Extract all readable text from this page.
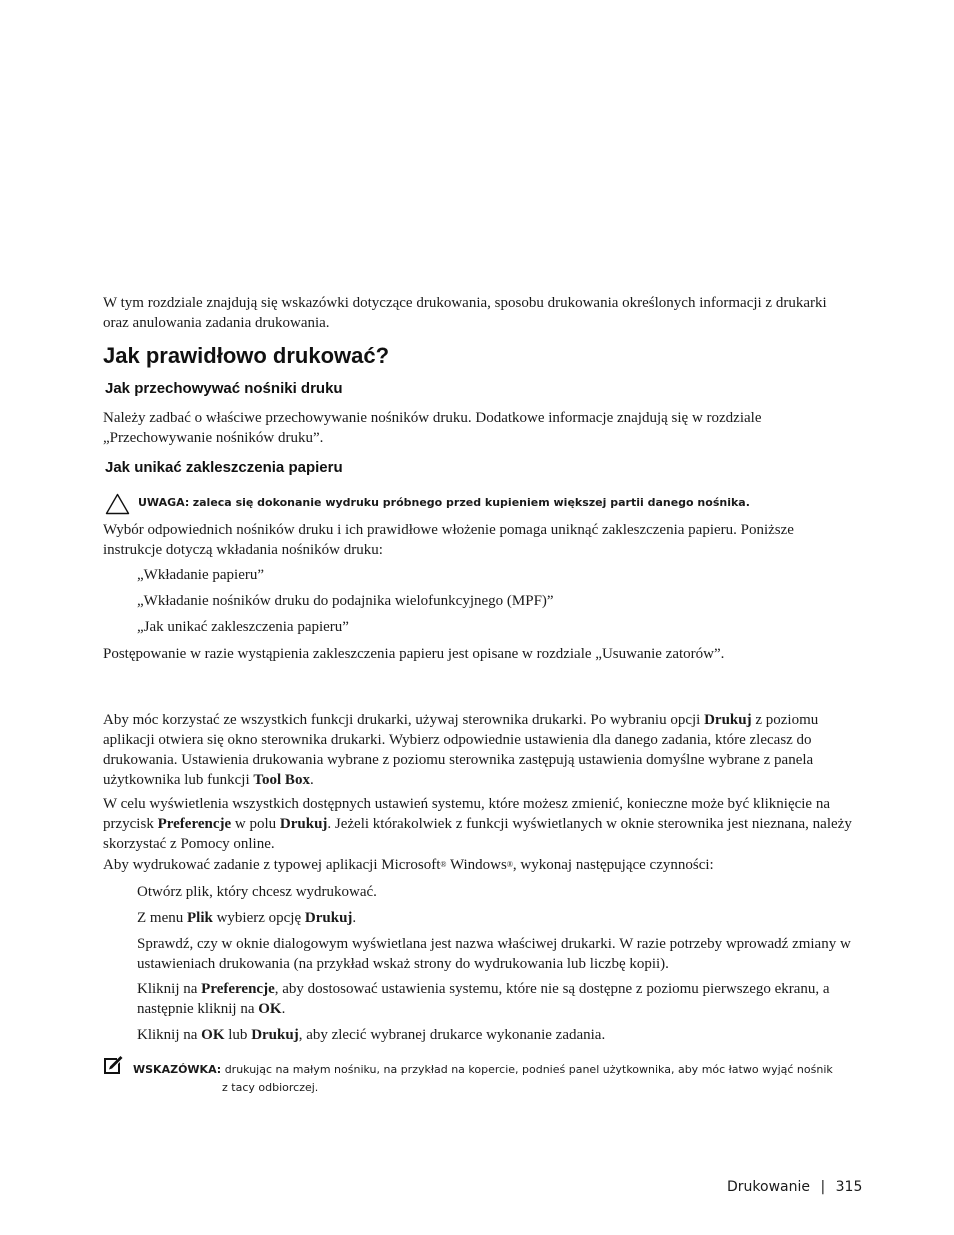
W tym rozdziale znajdują się wskazówki dotyczące drukowania, sposobu drukowania określonych informacji z drukarki oraz anulowania zadania drukowania.

Jak prawidłowo drukować?
Jak przechowywać nośniki druku

Należy zadbać o właściwe przechowywanie nośników druku. Dodatkowe informacje znajdują się w rozdziale „Przechowywanie nośników druku”.

Jak unikać zakleszczenia papieru
UWAGA: zaleca się dokonanie wydruku próbnego przed kupieniem większej partii danego nośnika.

Wybór odpowiednich nośników druku i ich prawidłowe włożenie pomaga uniknąć zakleszczenia papieru. Poniższe instrukcje dotyczą wkładania nośników druku:

„Wkładanie papieru”
„Wkładanie nośników druku do podajnika wielofunkcyjnego (MPF)”
„Jak unikać zakleszczenia papieru”

Postępowanie w razie wystąpienia zakleszczenia papieru jest opisane w rozdziale „Usuwanie zatorów”.

Aby móc korzystać ze wszystkich funkcji drukarki, używaj sterownika drukarki. Po wybraniu opcji Drukuj z poziomu aplikacji otwiera się okno sterownika drukarki. Wybierz odpowiednie ustawienia dla danego zadania, które zlecasz do drukowania. Ustawienia drukowania wybrane z poziomu sterownika zastępują ustawienia domyślne wybrane z panela użytkownika lub funkcji Tool Box.

W celu wyświetlenia wszystkich dostępnych ustawień systemu, które możesz zmienić, konieczne może być kliknięcie na przycisk Preferencje w polu Drukuj. Jeżeli którakolwiek z funkcji wyświetlanych w oknie sterownika jest nieznana, należy skorzystać z Pomocy online.

Aby wydrukować zadanie z typowej aplikacji Microsoft® Windows®, wykonaj następujące czynności:

Otwórz plik, który chcesz wydrukować.

Z menu Plik wybierz opcję Drukuj.

Sprawdź, czy w oknie dialogowym wyświetlana jest nazwa właściwej drukarki. W razie potrzeby wprowadź zmiany w ustawieniach drukowania (na przykład wskaż strony do wydrukowania lub liczbę kopii).

Kliknij na Preferencje, aby dostosować ustawienia systemu, które nie są dostępne z poziomu pierwszego ekranu, a następnie kliknij na OK.

Kliknij na OK lub Drukuj, aby zlecić wybranej drukarce wykonanie zadania.

WSKAZÓWKA: drukując na małym nośniku, na przykład na kopercie, podnieś panel użytkownika, aby móc łatwo wyjąć nośnik
z tacy odbiorczej.
Drukowanie | 315
